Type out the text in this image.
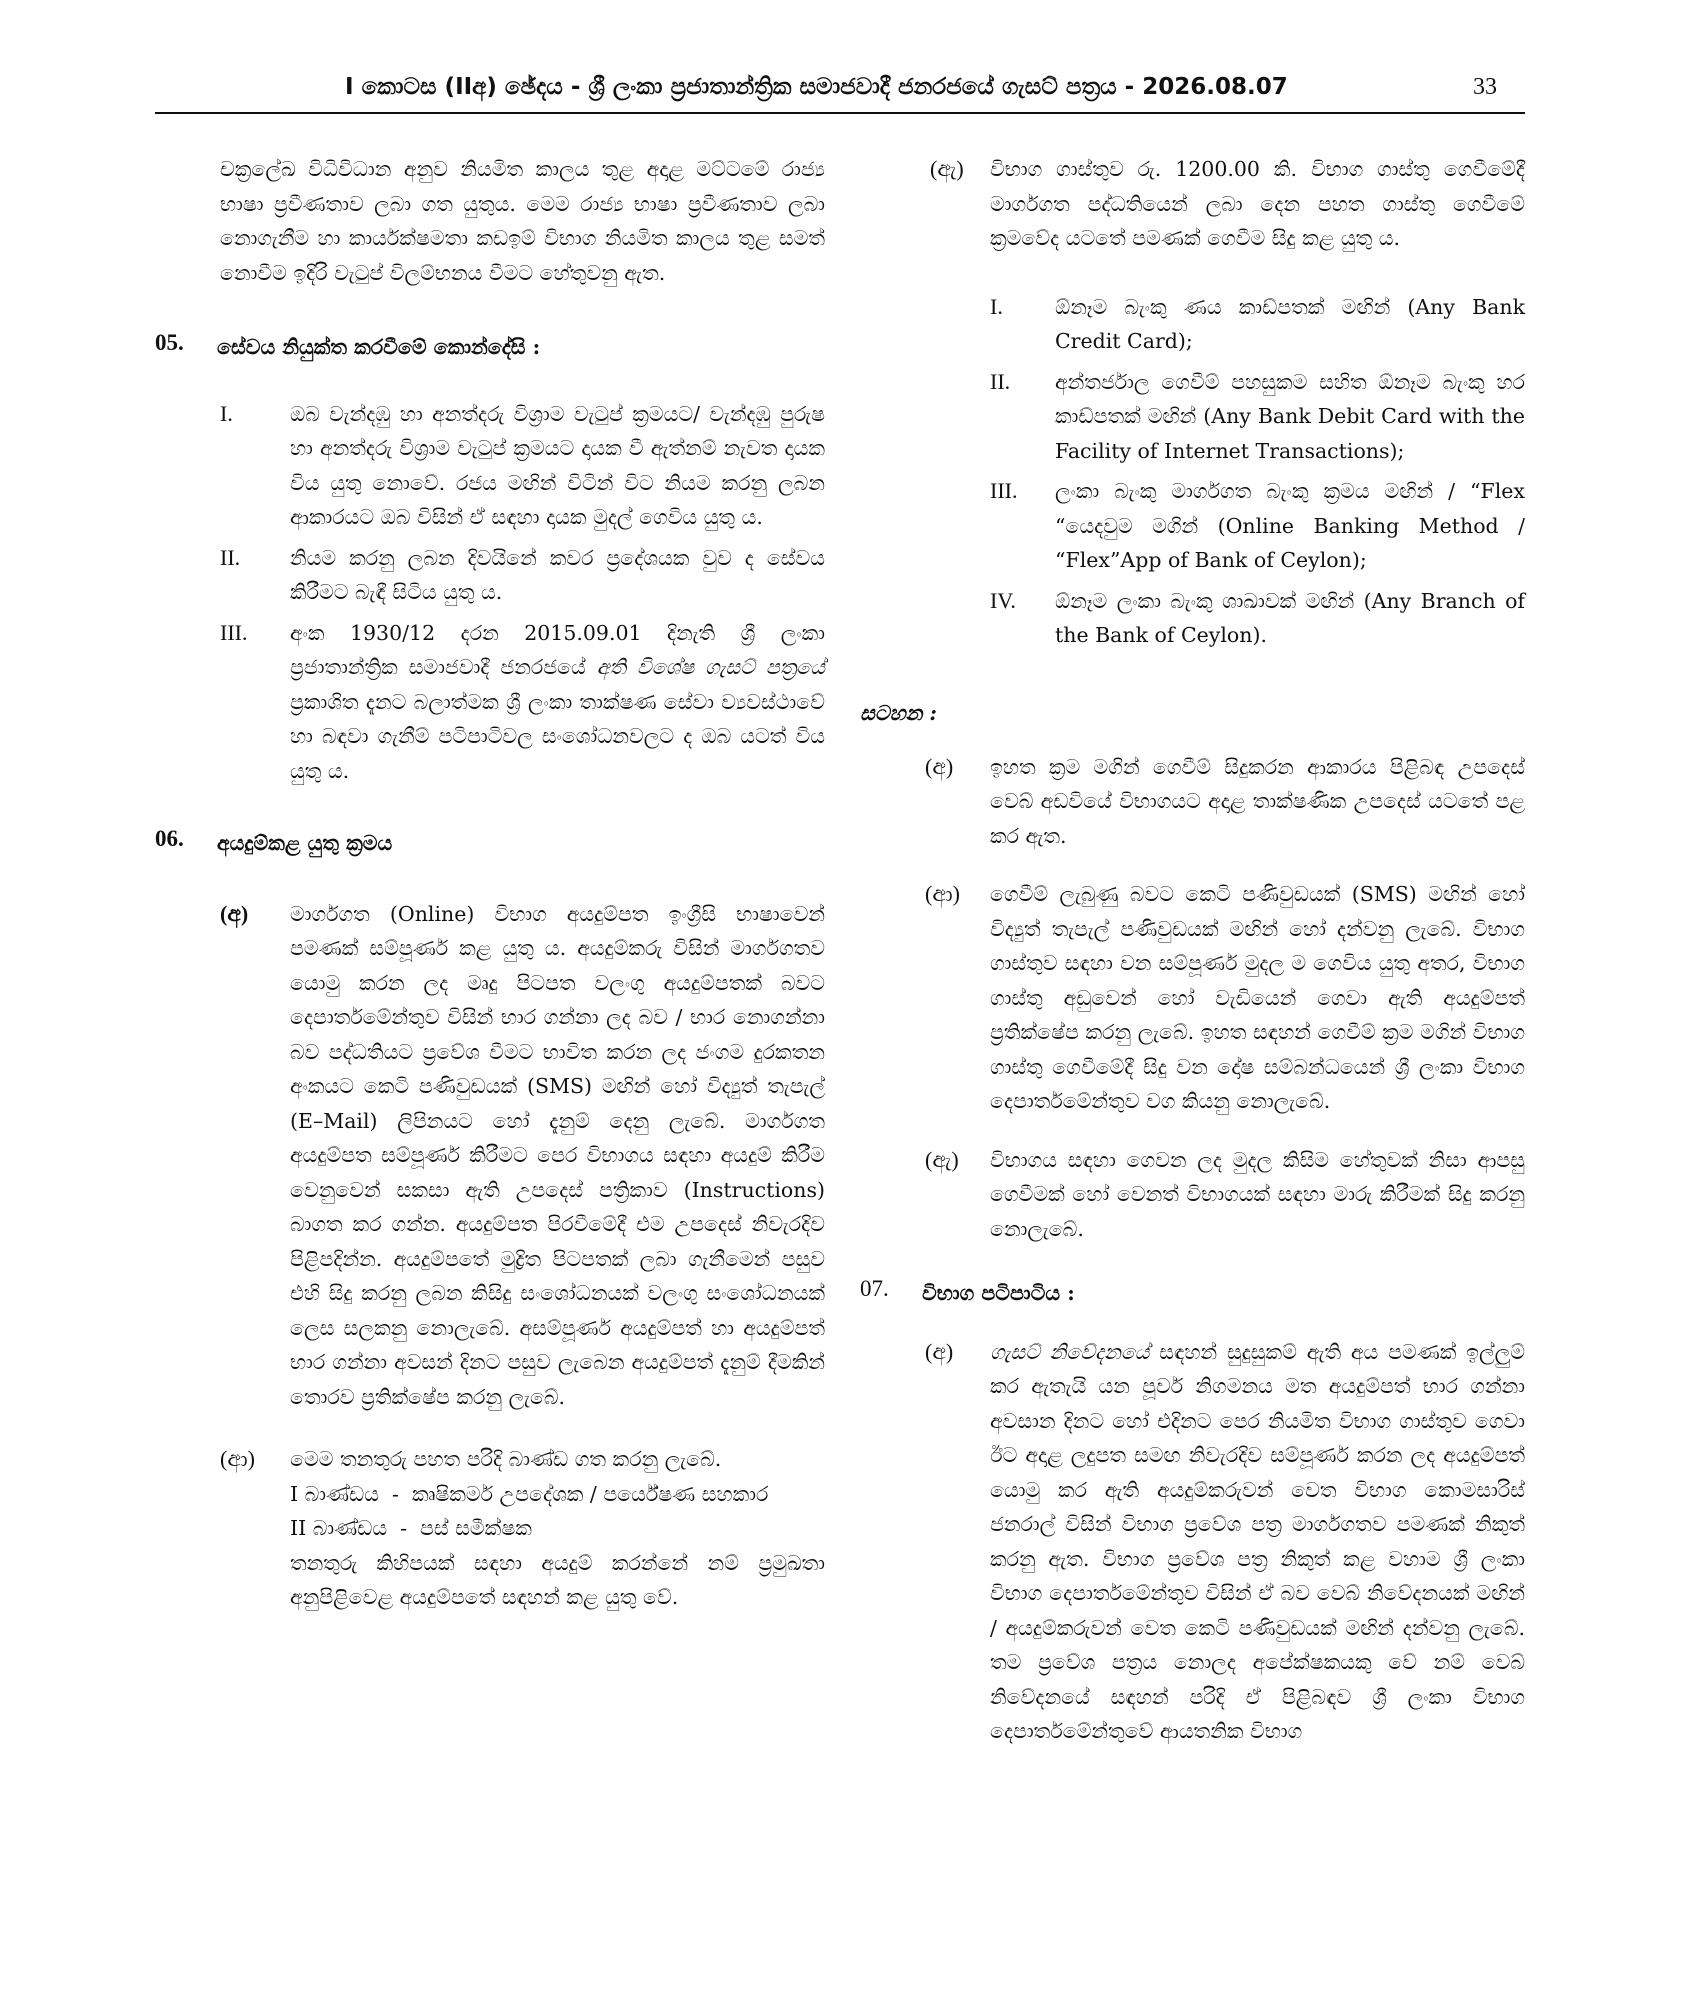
I කොටස (IIඅ) ඡේදය - ශ්‍රී ලංකා ප්‍රජාතාන්ත්‍රික සමාජවාදී ජනරජයේ ගැසට් පත්‍රය - 2026.08.07	33

චක්‍රලේඛ විධිවිධාන අනුව නියමිත කාලය තුළ අදාළ මට්ටමේ රාජ්‍ය භාෂා ප්‍රවීණතාව ලබා ගත යුතුය. මෙම රාජ්‍ය භාෂා ප්‍රවීණතාව ලබා නොගැනීම හා කාර්යක්ෂමතා කඩඉම් විභාග නියමිත කාලය තුළ සමත් නොවීම ඉදිරි වැටුප් විලම්භනය වීමට හේතුවනු ඇත.

05. සේවය නියුක්ත කරවීමේ කොන්දේසි :
I.	ඔබ වැන්දඹු හා අනත්දරු විශ්‍රාම වැටුප් ක්‍රමයට/ වැන්දඹු පුරුෂ හා අනත්දරු විශ්‍රාම වැටුප් ක්‍රමයට දායක වී ඇත්නම් නැවත දායක විය යුතු නොවේ. රජය මඟින් විටින් විට නියම කරනු ලබන ආකාරයට ඔබ විසින් ඒ සඳහා දායක මුදල් ගෙවිය යුතු ය.

II. නියම කරනු ලබන දිවයිනේ කවර ප්‍රදේශයක වුව ද සේවය කිරීමට බැඳී සිටිය යුතු ය.

III. අංක 1930/12 දරන 2015.09.01 දිනැති ශ්‍රී ලංකා ප්‍රජාතාන්ත්‍රික සමාජවාදී ජනරජයේ අති විශේෂ ගැසට් පත්‍රයේ ප්‍රකාශිත දැනට බලාත්මක ශ්‍රී ලංකා තාක්ෂණ සේවා ව්‍යවස්ථාවේ හා බඳවා ගැනීම් පටිපාටිවල සංශෝධනවලට ද ඔබ යටත් විය යුතු ය.

06. අයදුම්කළ යුතු ක්‍රමය
(අ) මාර්ගගත (Online) විභාග අයදුම්පත ඉංග්‍රීසි භාෂාවෙන් පමණක් සම්පූර්ණ කළ යුතු ය. අයදුම්කරු විසින් මාර්ගගතව යොමු කරන ලද මෘදු පිටපත වලංගු අයදුම්පතක් බවට දෙපාර්තමේන්තුව විසින් භාර ගන්නා ලද බව / භාර නොගන්නා බව පද්ධතියට ප්‍රවේශ වීමට භාවිත කරන ලද ජංගම දුරකතන අංකයට කෙටි පණිවුඩයක් (SMS) මඟින් හෝ විද්‍යුත් තැපැල් (E–Mail) ලිපිනයට හෝ දැනුම් දෙනු ලැබේ. මාර්ගගත අයදුම්පත සම්පූර්ණ කිරීමට පෙර විභාගය සඳහා අයදුම් කිරීම වෙනුවෙන් සකසා ඇති උපදෙස් පත්‍රිකාව (Instructions) බාගත කර ගන්න. අයදුම්පත පිරවීමේදී එම උපදෙස් නිවැරදිව පිළිපදින්න. අයදුම්පතේ මුද්‍රිත පිටපතක් ලබා ගැනීමෙන් පසුව එහි සිදු කරනු ලබන කිසිදු සංශෝධනයක් වලංගු සංශෝධනයක් ලෙස සලකනු නොලැබේ. අසම්පූර්ණ අයදුම්පත් හා අයදුම්පත් භාර ගන්නා අවසන් දිනට පසුව ලැබෙන අයදුම්පත් දැනුම් දීමකින් තොරව ප්‍රතික්ෂේප කරනු ලැබේ.

(ආ) මෙම තනතුරු පහත පරිදි බාණ්ඩ ගත කරනු ලැබේ.

I බාණ්ඩය  -  කෘෂිකර්ම උපදේශක / පර්යේෂණ සහකාර

II බාණ්ඩය  -  පස් සමීක්ෂක

තනතුරු කිහිපයක් සඳහා අයදුම් කරන්නේ නම් ප්‍රමුඛතා අනුපිළිවෙළ අයදුම්පතේ සඳහන් කළ යුතු වේ.

(ඇ) විභාග ගාස්තුව රු. 1200.00 කි. විභාග ගාස්තු ගෙවීමේදී මාර්ගගත පද්ධතියෙන් ලබා දෙන පහත ගාස්තු ගෙවීමේ ක්‍රමවේද යටතේ පමණක් ගෙවීම සිදු කළ යුතු ය.

I.	ඕනෑම බැංකු ණය කාඩ්පතක් මඟින් (Any Bank Credit Card);

II. අන්තර්ජාල ගෙවීම් පහසුකම සහිත ඕනෑම බැංකු හර කාඩ්පතක් මඟින් (Any Bank Debit Card with the Facility of Internet Transactions);

III. ලංකා බැංකු මාර්ගගත බැංකු ක්‍රමය මඟින් / “Flex “යෙදවුම මගින් (Online Banking Method / “Flex”App of Bank of Ceylon);

IV. ඕනෑම ලංකා බැංකු ශාඛාවක් මඟින් (Any Branch of the Bank of Ceylon).

සටහන :
(අ) ඉහත ක්‍රම මගින් ගෙවීම් සිදුකරන ආකාරය පිළිබඳ උපදෙස් වෙබ් අඩවියේ විභාගයට අදාළ තාක්ෂණික උපදෙස් යටතේ පළ කර ඇත.

(ආ) ගෙවීම් ලැබුණු බවට කෙටි පණිවුඩයක් (SMS) මඟින් හෝ විද්‍යුත් තැපැල් පණිවුඩයක් මඟින් හෝ දන්වනු ලැබේ. විභාග ගාස්තුව සඳහා වන සම්පූර්ණ මුදල ම ගෙවිය යුතු අතර, විභාග ගාස්තු අඩුවෙන් හෝ වැඩියෙන් ගෙවා ඇති අයදුම්පත් ප්‍රතික්ෂේප කරනු ලැබේ. ඉහත සඳහන් ගෙවීම් ක්‍රම මගින් විභාග ගාස්තු ගෙවීමේදී සිදු වන දෝෂ සම්බන්ධයෙන් ශ්‍රී ලංකා විභාග දෙපාර්තමේන්තුව වග කියනු නොලැබේ.

(ඇ) විභාගය සඳහා ගෙවන ලද මුදල කිසිම හේතුවක් නිසා ආපසු ගෙවීමක් හෝ වෙනත් විභාගයක් සඳහා මාරු කිරීමක් සිදු කරනු නොලැබේ.

07. විභාග පටිපාටිය :
(අ) ගැසට් නිවේදනයේ සඳහන් සුදුසුකම් ඇති අය පමණක් ඉල්ලුම් කර ඇතැයි යන පූර්ව නිගමනය මත අයදුම්පත් භාර ගන්නා අවසාන දිනට හෝ එදිනට පෙර නියමිත විභාග ගාස්තුව ගෙවා ඊට අදාළ ලදුපත සමඟ නිවැරදිව සම්පූර්ණ කරන ලද අයදුම්පත් යොමු කර ඇති අයදුම්කරුවන් වෙත විභාග කොමසාරිස් ජනරාල් විසින් විභාග ප්‍රවේශ පත්‍ර මාර්ගගතව පමණක් නිකුත් කරනු ඇත. විභාග ප්‍රවේශ පත්‍ර නිකුත් කළ වහාම ශ්‍රී ලංකා විභාග දෙපාර්තමේන්තුව විසින් ඒ බව වෙබ් නිවේදනයක් මඟින් / අයදුම්කරුවන් වෙත කෙටි පණිවුඩයක් මඟින් දන්වනු ලැබේ. තම ප්‍රවේශ පත්‍රය නොලද අපේක්ෂකයකු වේ නම් වෙබ් නිවේදනයේ සඳහන් පරිදි ඒ පිළිබඳව ශ්‍රී ලංකා විභාග දෙපාර්තමේන්තුවේ ආයතනික විභාග
